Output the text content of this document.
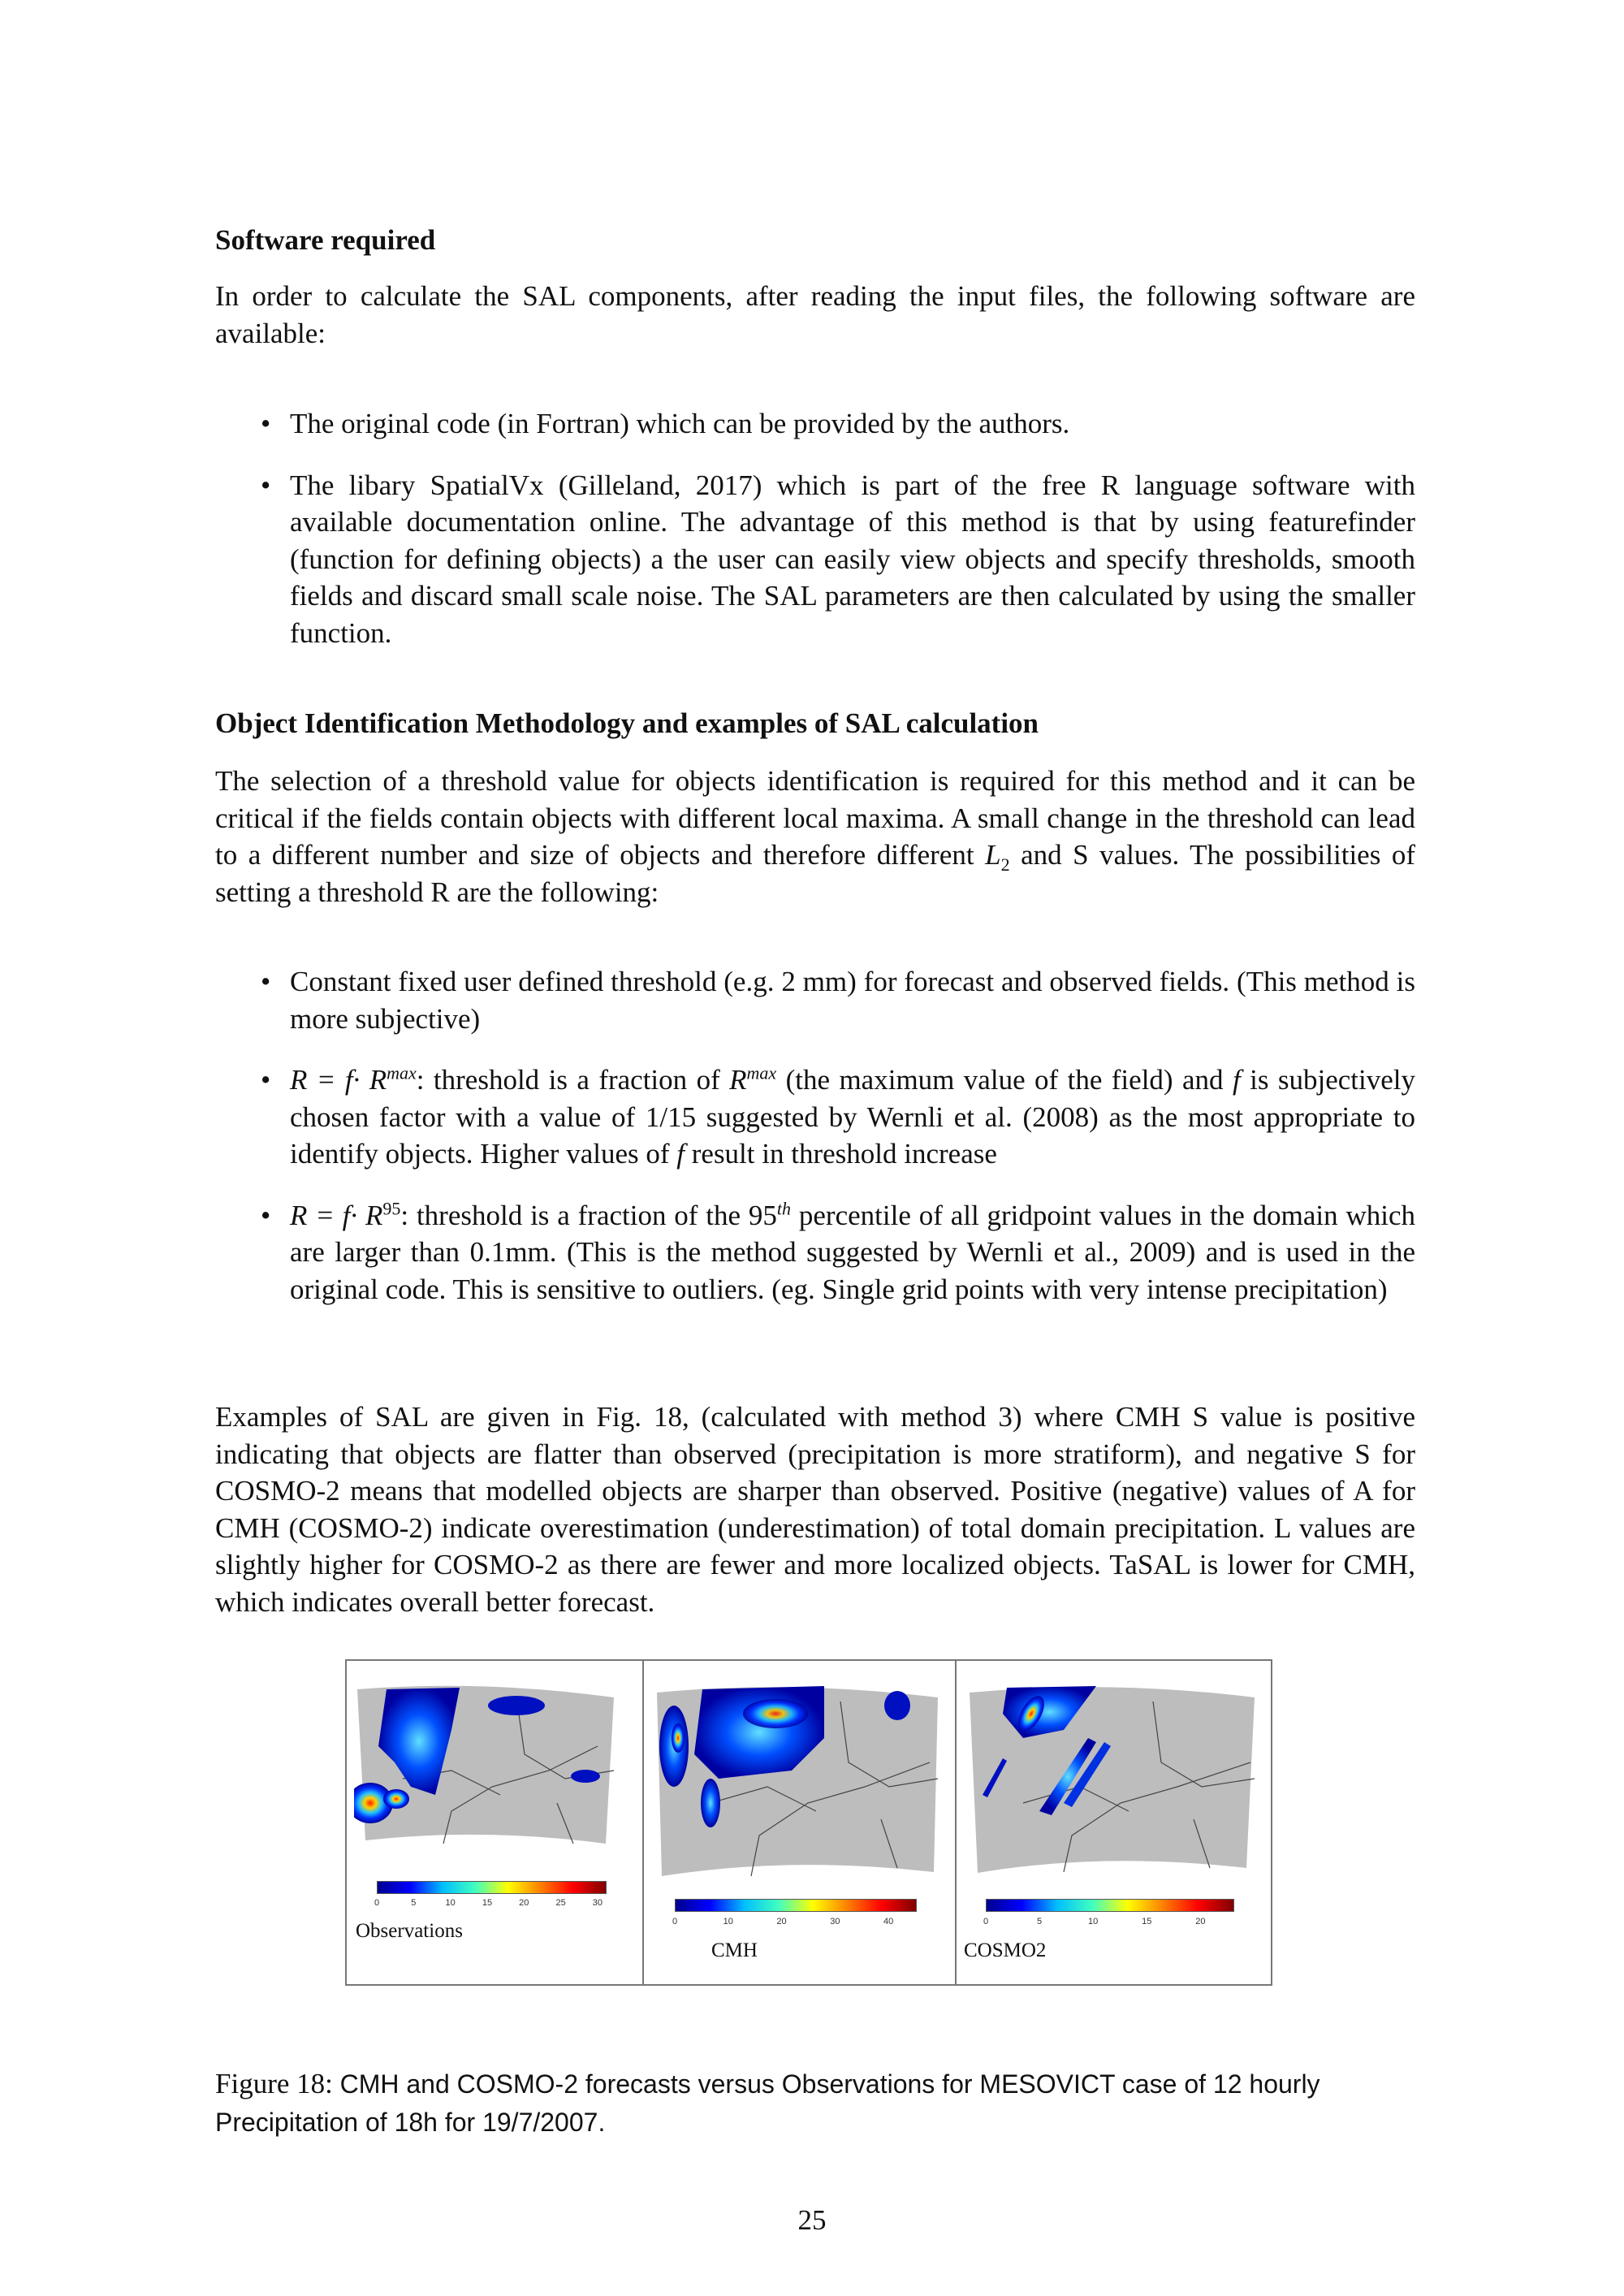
Software required
In order to calculate the SAL components, after reading the input files, the following software are available:
• The original code (in Fortran) which can be provided by the authors.
• The libary SpatialVx (Gilleland, 2017) which is part of the free R language software with available documentation online. The advantage of this method is that by using featurefinder (function for defining objects) a the user can easily view objects and specify thresholds, smooth fields and discard small scale noise. The SAL parameters are then calculated by using the smaller function.
Object Identification Methodology and examples of SAL calculation
The selection of a threshold value for objects identification is required for this method and it can be critical if the fields contain objects with different local maxima. A small change in the threshold can lead to a different number and size of objects and therefore different $L_2$ and S values. The possibilities of setting a threshold R are the following:
• Constant fixed user defined threshold (e.g. 2 mm) for forecast and observed fields. (This method is more subjective)
• $R = f\cdot R^{max}$: threshold is a fraction of $R^{max}$ (the maximum value of the field) and f is subjectively chosen factor with a value of 1/15 suggested by Wernli et al. (2008) as the most appropriate to identify objects. Higher values of f result in threshold increase
• $R = f\cdot R^{95}$: threshold is a fraction of the 95th percentile of all gridpoint values in the domain which are larger than 0.1mm. (This is the method suggested by Wernli et al., 2009) and is used in the original code. This is sensitive to outliers. (eg. Single grid points with very intense precipitation)
Examples of SAL are given in Fig. 18, (calculated with method 3) where CMH S value is positive indicating that objects are flatter than observed (precipitation is more stratiform), and negative S for COSMO-2 means that modelled objects are sharper than observed. Positive (negative) values of A for CMH (COSMO-2) indicate overestimation (underestimation) of total domain precipitation. L values are slightly higher for COSMO-2 as there are fewer and more localized objects. TaSAL is lower for CMH, which indicates overall better forecast.
0	5	10	15	20	25	30
Observations	0	10	20	30	40
CMH
0	5	10	15	20
COSMO2
Figure 18: CMH and COSMO-2 forecasts versus Observations for MESOVICT case of 12 hourly Precipitation of 18h for 19/7/2007.
25
